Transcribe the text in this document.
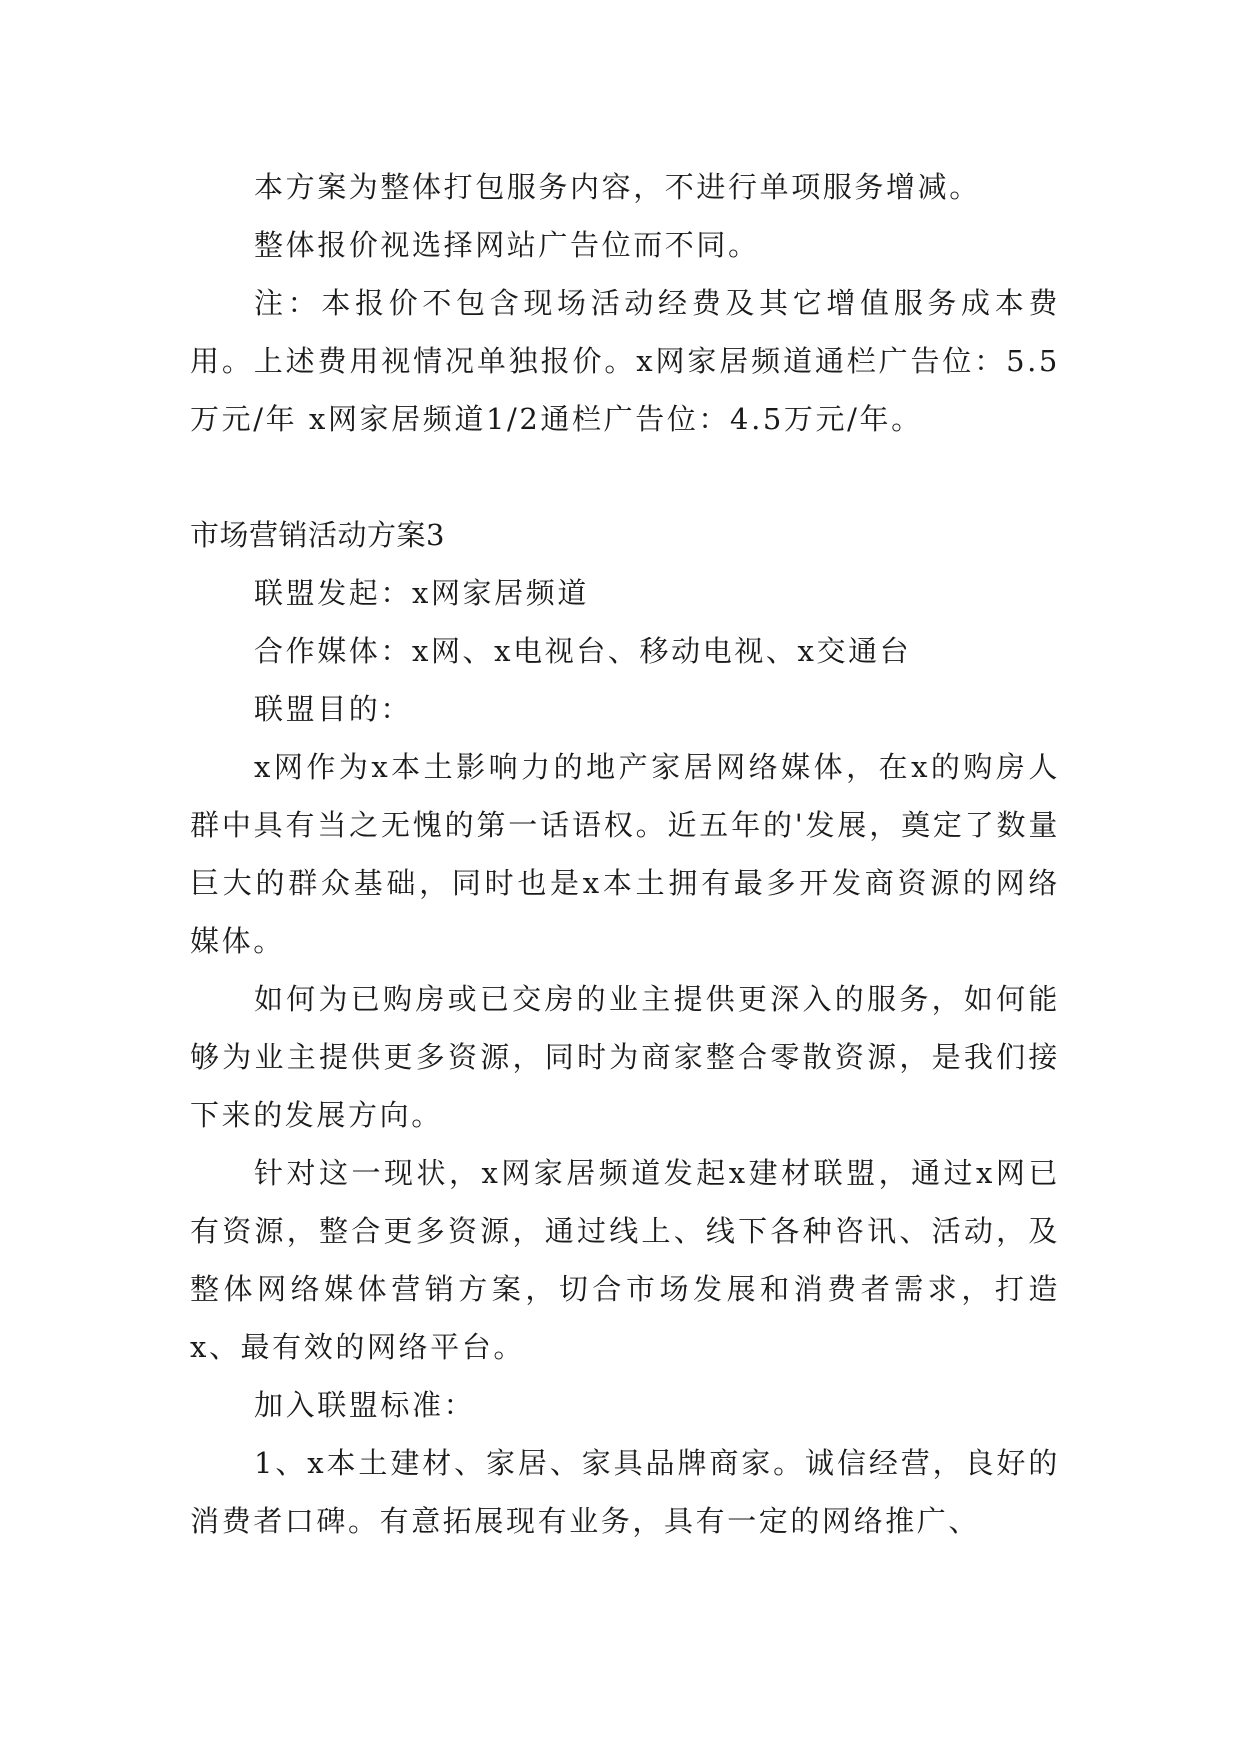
本方案为整体打包服务内容，不进行单项服务增减。

整体报价视选择网站广告位而不同。

注：本报价不包含现场活动经费及其它增值服务成本费用。上述费用视情况单独报价。x网家居频道通栏广告位：5.5万元/年 x网家居频道1/2通栏广告位：4.5万元/年。

市场营销活动方案3

联盟发起：x网家居频道

合作媒体：x网、x电视台、移动电视、x交通台

联盟目的：

x网作为x本土影响力的地产家居网络媒体，在x的购房人群中具有当之无愧的第一话语权。近五年的'发展，奠定了数量巨大的群众基础，同时也是x本土拥有最多开发商资源的网络媒体。

如何为已购房或已交房的业主提供更深入的服务，如何能够为业主提供更多资源，同时为商家整合零散资源，是我们接下来的发展方向。

针对这一现状，x网家居频道发起x建材联盟，通过x网已有资源，整合更多资源，通过线上、线下各种咨讯、活动，及整体网络媒体营销方案，切合市场发展和消费者需求，打造x、最有效的网络平台。

加入联盟标准：

1、x本土建材、家居、家具品牌商家。诚信经营，良好的消费者口碑。有意拓展现有业务，具有一定的网络推广、
